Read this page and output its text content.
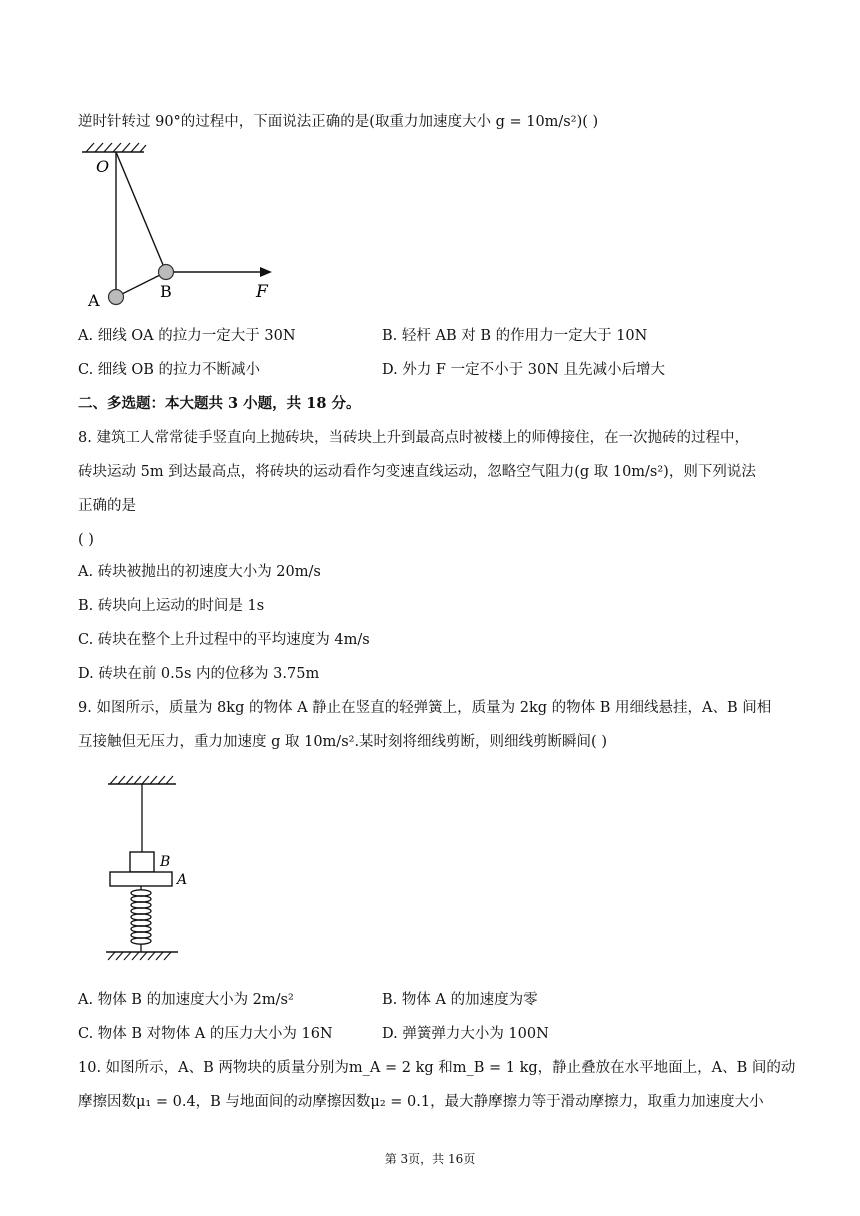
逆时针转过 90°的过程中，下面说法正确的是(取重力加速度大小 g = 10m/s²)( )
O
A	B	F
A. 细线 OA 的拉力一定大于 30N	B. 轻杆 AB 对 B 的作用力一定大于 10N
C. 细线 OB 的拉力不断减小	D. 外力 F 一定不小于 30N 且先减小后增大
二、多选题：本大题共 3 小题，共 18 分。
8. 建筑工人常常徒手竖直向上抛砖块，当砖块上升到最高点时被楼上的师傅接住，在一次抛砖的过程中，
砖块运动 5m 到达最高点，将砖块的运动看作匀变速直线运动，忽略空气阻力(g 取 10m/s²)，则下列说法
正确的是
( )
A. 砖块被抛出的初速度大小为 20m/s
B. 砖块向上运动的时间是 1s
C. 砖块在整个上升过程中的平均速度为 4m/s
D. 砖块在前 0.5s 内的位移为 3.75m
9. 如图所示，质量为 8kg 的物体 A 静止在竖直的轻弹簧上，质量为 2kg 的物体 B 用细线悬挂，A、B 间相
互接触但无压力，重力加速度 g 取 10m/s².某时刻将细线剪断，则细线剪断瞬间( )
B
A
A. 物体 B 的加速度大小为 2m/s²	B. 物体 A 的加速度为零
C. 物体 B 对物体 A 的压力大小为 16N	D. 弹簧弹力大小为 100N
10. 如图所示，A、B 两物块的质量分别为m_A = 2 kg 和m_B = 1 kg，静止叠放在水平地面上，A、B 间的动
摩擦因数μ₁ = 0.4，B 与地面间的动摩擦因数μ₂ = 0.1，最大静摩擦力等于滑动摩擦力，取重力加速度大小
第 3页，共 16页
